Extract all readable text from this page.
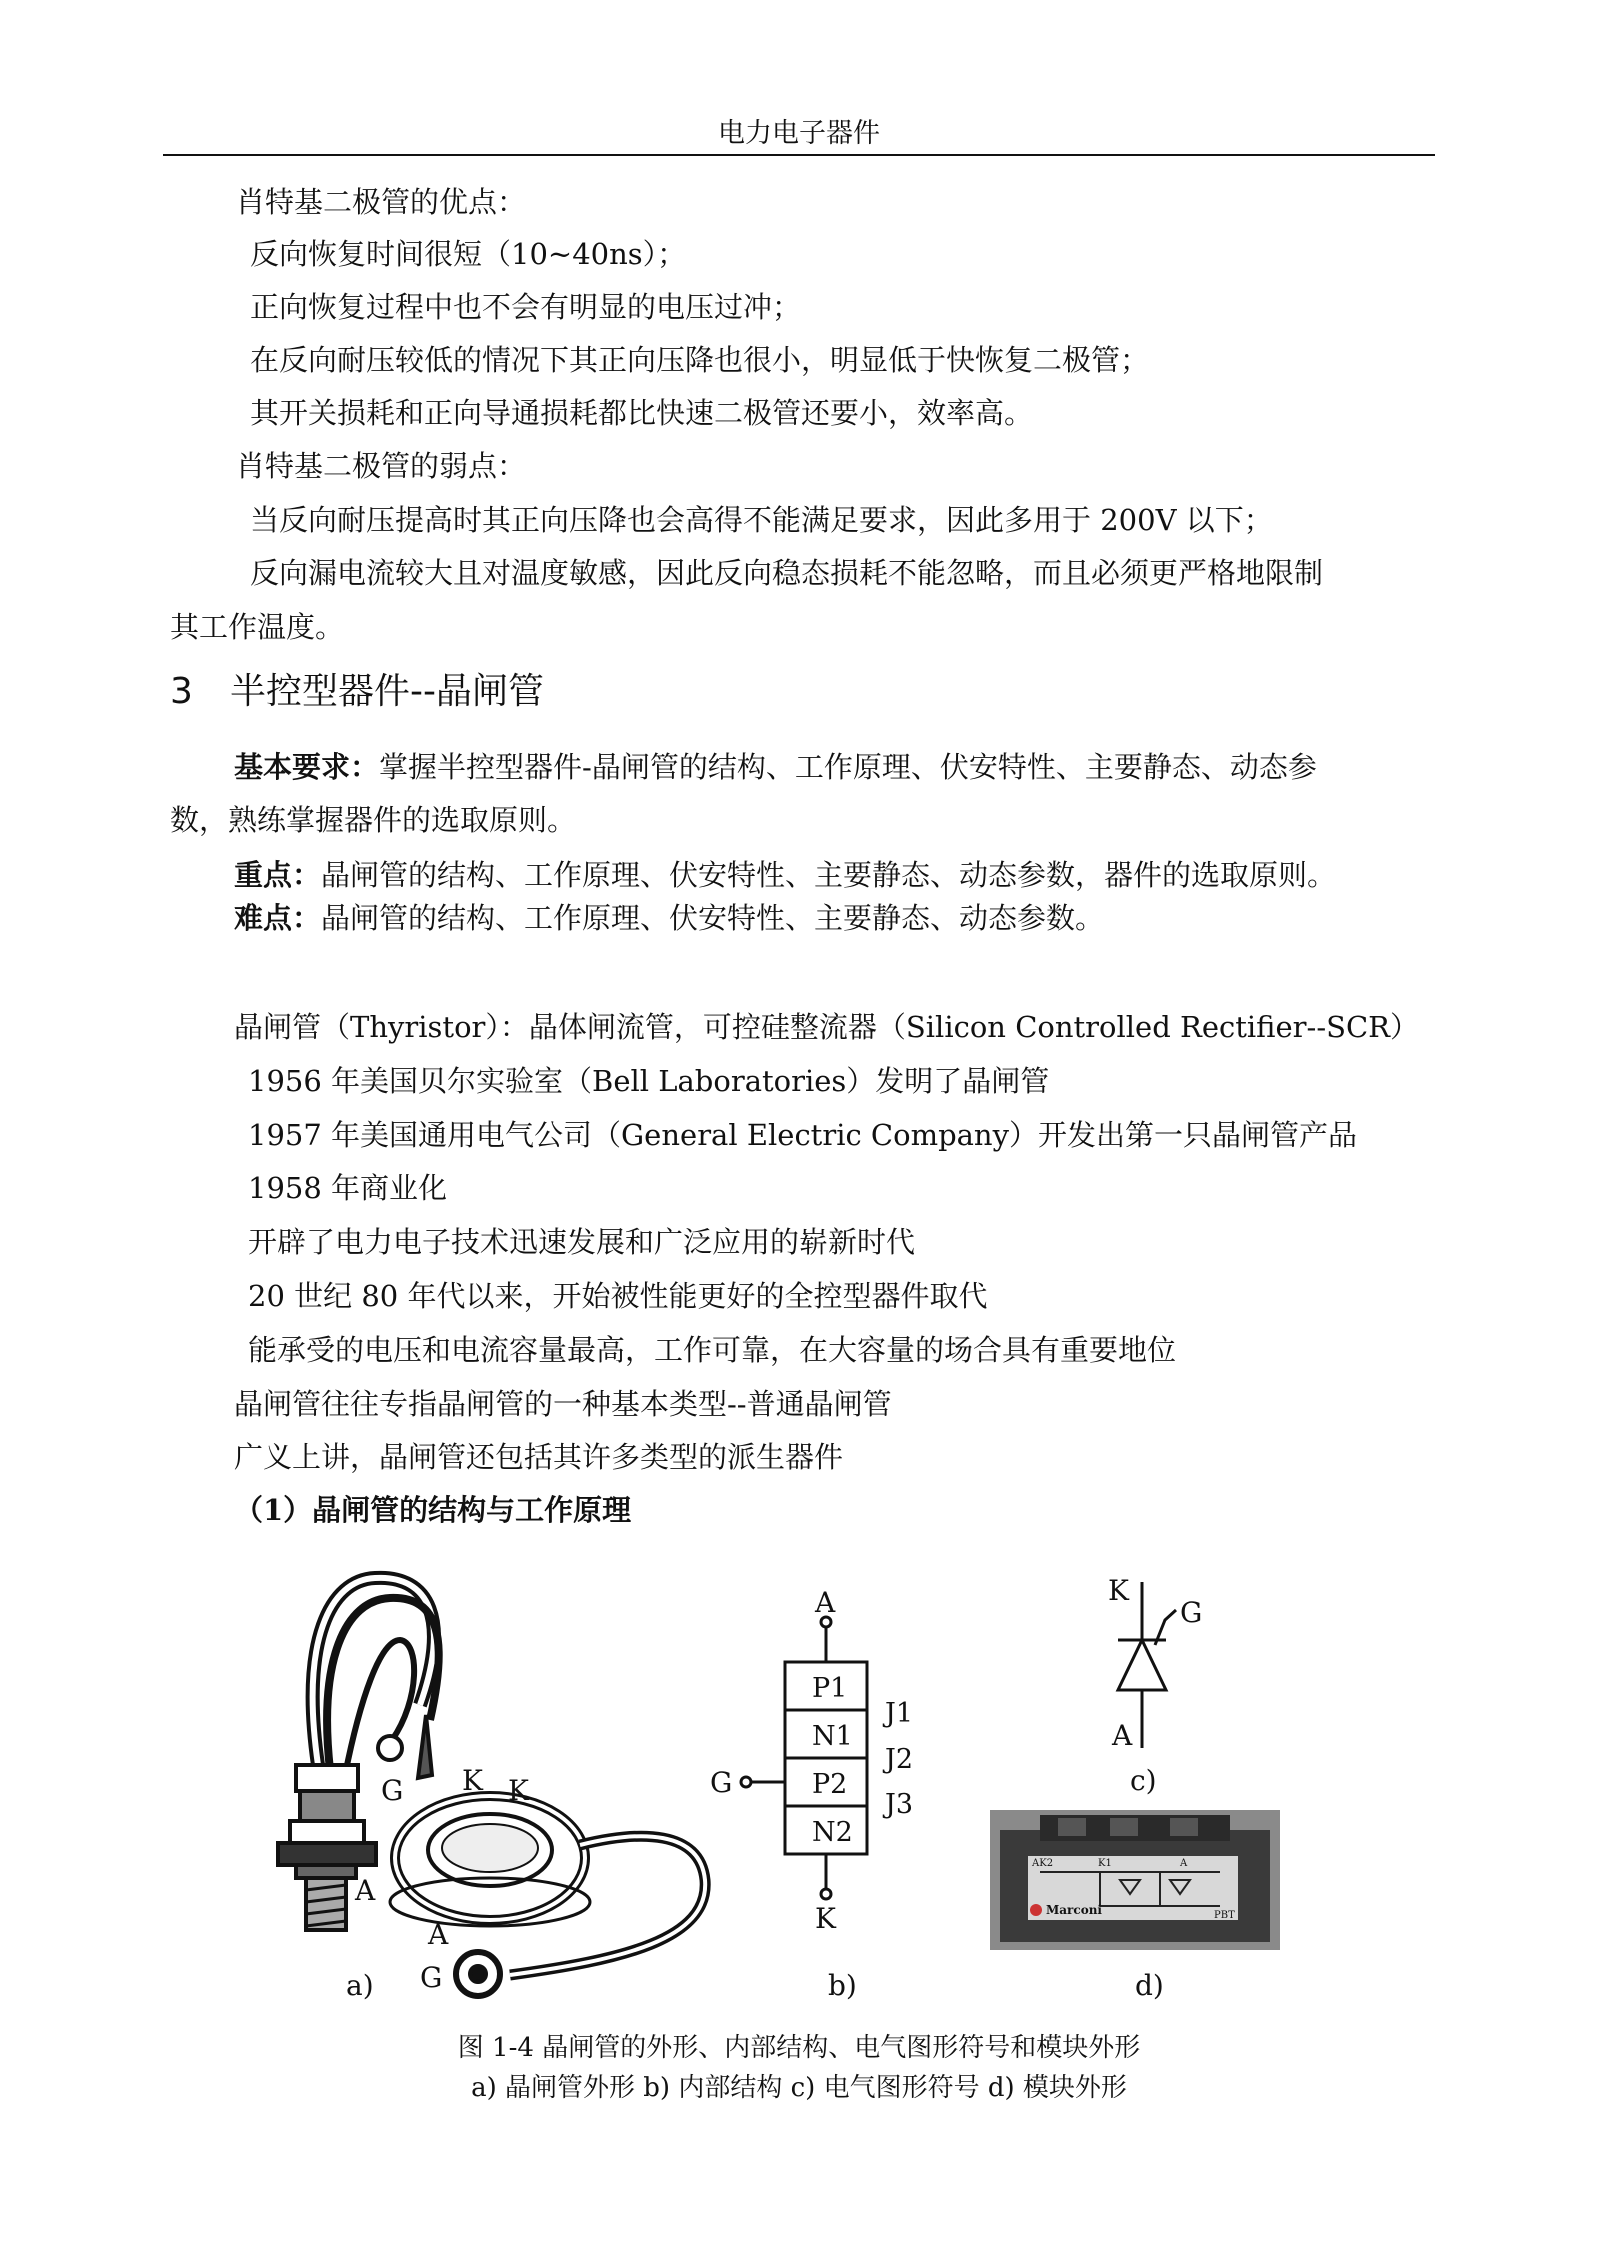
电力电子器件
肖特基二极管的优点：
反向恢复时间很短（10~40ns）；
正向恢复过程中也不会有明显的电压过冲；
在反向耐压较低的情况下其正向压降也很小，明显低于快恢复二极管；
其开关损耗和正向导通损耗都比快速二极管还要小，效率高。
肖特基二极管的弱点：
当反向耐压提高时其正向压降也会高得不能满足要求，因此多用于 200V 以下；
反向漏电流较大且对温度敏感，因此反向稳态损耗不能忽略，而且必须更严格地限制
其工作温度。
3 半控型器件--晶闸管
基本要求：掌握半控型器件-晶闸管的结构、工作原理、伏安特性、主要静态、动态参
数，熟练掌握器件的选取原则。
重点：晶闸管的结构、工作原理、伏安特性、主要静态、动态参数，器件的选取原则。
难点：晶闸管的结构、工作原理、伏安特性、主要静态、动态参数。
晶闸管（Thyristor）：晶体闸流管，可控硅整流器（Silicon Controlled Rectifier--SCR）
1956 年美国贝尔实验室（Bell Laboratories）发明了晶闸管
1957 年美国通用电气公司（General Electric Company）开发出第一只晶闸管产品
1958 年商业化
开辟了电力电子技术迅速发展和广泛应用的崭新时代
20 世纪 80 年代以来，开始被性能更好的全控型器件取代
能承受的电压和电流容量最高，工作可靠，在大容量的场合具有重要地位
晶闸管往往专指晶闸管的一种基本类型--普通晶闸管
广义上讲，晶闸管还包括其许多类型的派生器件
（1）晶闸管的结构与工作原理
G K K
A
A
G
A
K
G
P1
N1
P2
N2
J1
J2
J3
K
G
A
Marconi
AK2	K1	A
PBT
a)	b)
c)
d)
图 1-4 晶闸管的外形、内部结构、电气图形符号和模块外形
a) 晶闸管外形 b) 内部结构 c) 电气图形符号 d) 模块外形
